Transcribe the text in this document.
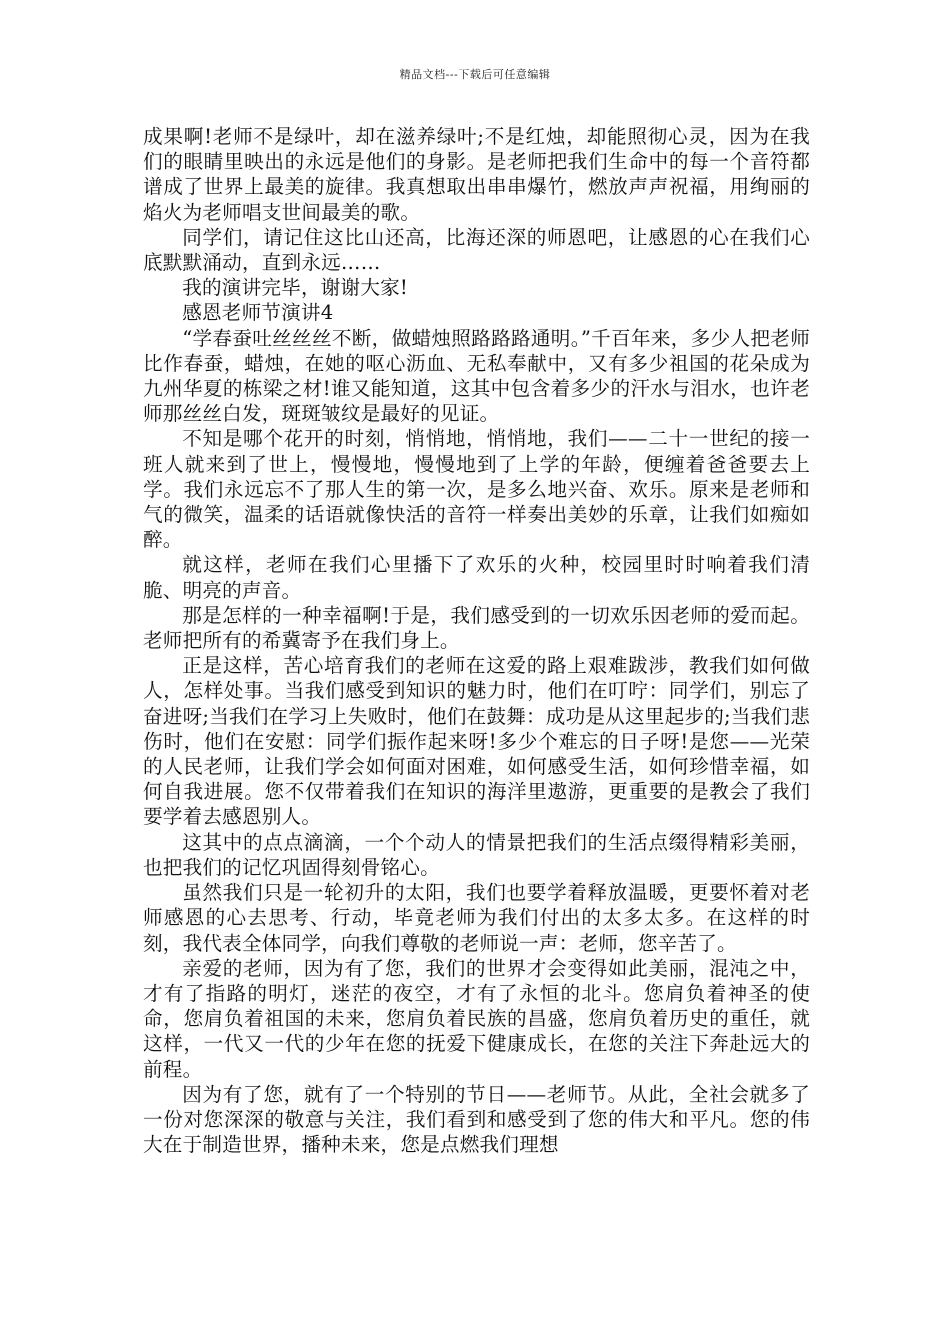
精品文档---下载后可任意编辑

成果啊!老师不是绿叶，却在滋养绿叶;不是红烛，却能照彻心灵，因为在我们的眼睛里映出的永远是他们的身影。是老师把我们生命中的每一个音符都谱成了世界上最美的旋律。我真想取出串串爆竹，燃放声声祝福，用绚丽的焰火为老师唱支世间最美的歌。

同学们，请记住这比山还高，比海还深的师恩吧，让感恩的心在我们心底默默涌动，直到永远……

我的演讲完毕，谢谢大家!

感恩老师节演讲4

“学春蚕吐丝丝丝不断，做蜡烛照路路路通明。”千百年来，多少人把老师比作春蚕，蜡烛，在她的呕心沥血、无私奉献中，又有多少祖国的花朵成为九州华夏的栋梁之材!谁又能知道，这其中包含着多少的汗水与泪水，也许老师那丝丝白发，斑斑皱纹是最好的见证。

不知是哪个花开的时刻，悄悄地，悄悄地，我们——二十一世纪的接一班人就来到了世上，慢慢地，慢慢地到了上学的年龄，便缠着爸爸要去上学。我们永远忘不了那人生的第一次，是多么地兴奋、欢乐。原来是老师和气的微笑，温柔的话语就像快活的音符一样奏出美妙的乐章，让我们如痴如醉。

就这样，老师在我们心里播下了欢乐的火种，校园里时时响着我们清脆、明亮的声音。

那是怎样的一种幸福啊!于是，我们感受到的一切欢乐因老师的爱而起。老师把所有的希冀寄予在我们身上。

正是这样，苦心培育我们的老师在这爱的路上艰难跋涉，教我们如何做人，怎样处事。当我们感受到知识的魅力时，他们在叮咛：同学们，别忘了奋进呀;当我们在学习上失败时，他们在鼓舞：成功是从这里起步的;当我们悲伤时，他们在安慰：同学们振作起来呀!多少个难忘的日子呀!是您——光荣的人民老师，让我们学会如何面对困难，如何感受生活，如何珍惜幸福，如何自我进展。您不仅带着我们在知识的海洋里遨游，更重要的是教会了我们要学着去感恩别人。

这其中的点点滴滴，一个个动人的情景把我们的生活点缀得精彩美丽，也把我们的记忆巩固得刻骨铭心。

虽然我们只是一轮初升的太阳，我们也要学着释放温暖，更要怀着对老师感恩的心去思考、行动，毕竟老师为我们付出的太多太多。在这样的时刻，我代表全体同学，向我们尊敬的老师说一声：老师，您辛苦了。

亲爱的老师，因为有了您，我们的世界才会变得如此美丽，混沌之中，才有了指路的明灯，迷茫的夜空，才有了永恒的北斗。您肩负着神圣的使命，您肩负着祖国的未来，您肩负着民族的昌盛，您肩负着历史的重任，就这样，一代又一代的少年在您的抚爱下健康成长，在您的关注下奔赴远大的前程。

因为有了您，就有了一个特别的节日——老师节。从此，全社会就多了一份对您深深的敬意与关注，我们看到和感受到了您的伟大和平凡。您的伟大在于制造世界，播种未来，您是点燃我们理想
